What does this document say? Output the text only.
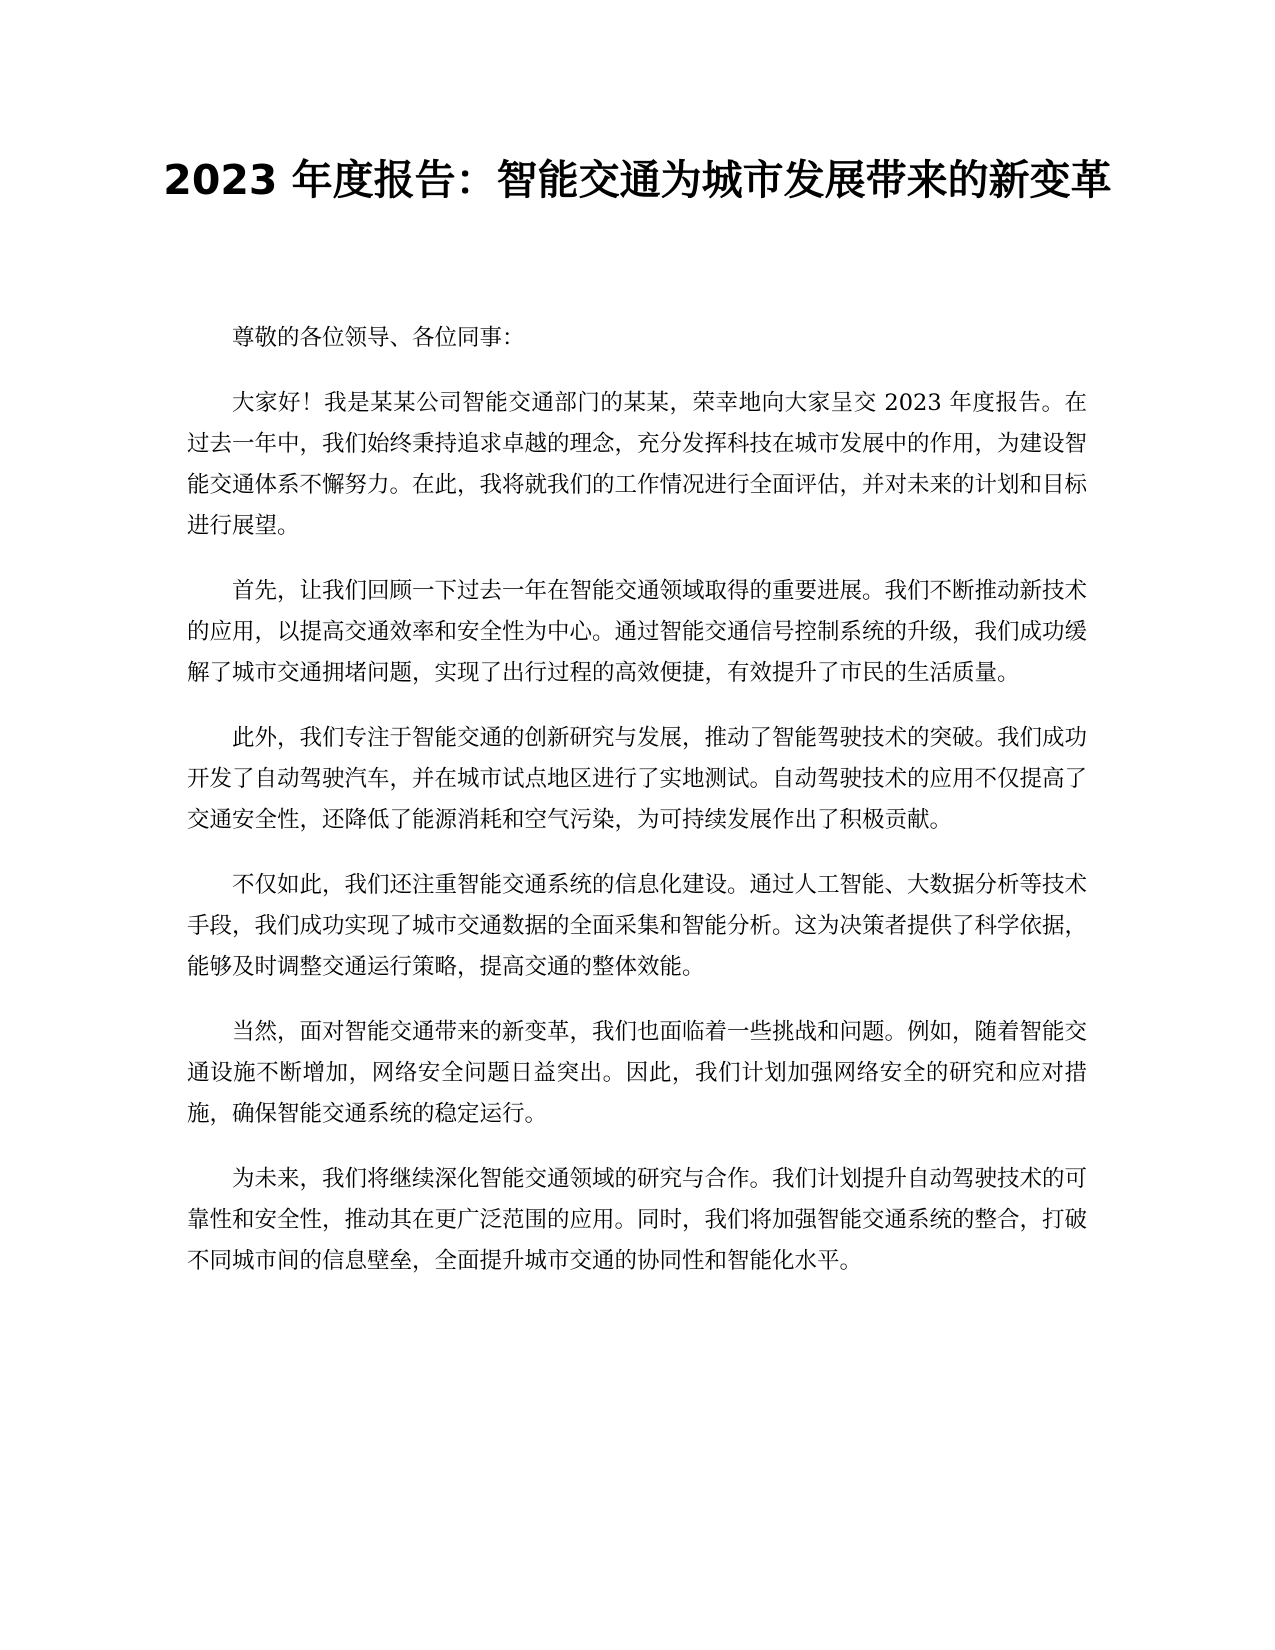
2023 年度报告：智能交通为城市发展带来的新变革

尊敬的各位领导、各位同事：

大家好！我是某某公司智能交通部门的某某，荣幸地向大家呈交 2023 年度报告。在过去一年中，我们始终秉持追求卓越的理念，充分发挥科技在城市发展中的作用，为建设智能交通体系不懈努力。在此，我将就我们的工作情况进行全面评估，并对未来的计划和目标进行展望。

首先，让我们回顾一下过去一年在智能交通领域取得的重要进展。我们不断推动新技术的应用，以提高交通效率和安全性为中心。通过智能交通信号控制系统的升级，我们成功缓解了城市交通拥堵问题，实现了出行过程的高效便捷，有效提升了市民的生活质量。

此外，我们专注于智能交通的创新研究与发展，推动了智能驾驶技术的突破。我们成功开发了自动驾驶汽车，并在城市试点地区进行了实地测试。自动驾驶技术的应用不仅提高了交通安全性，还降低了能源消耗和空气污染，为可持续发展作出了积极贡献。

不仅如此，我们还注重智能交通系统的信息化建设。通过人工智能、大数据分析等技术手段，我们成功实现了城市交通数据的全面采集和智能分析。这为决策者提供了科学依据，能够及时调整交通运行策略，提高交通的整体效能。

当然，面对智能交通带来的新变革，我们也面临着一些挑战和问题。例如，随着智能交通设施不断增加，网络安全问题日益突出。因此，我们计划加强网络安全的研究和应对措施，确保智能交通系统的稳定运行。

为未来，我们将继续深化智能交通领域的研究与合作。我们计划提升自动驾驶技术的可靠性和安全性，推动其在更广泛范围的应用。同时，我们将加强智能交通系统的整合，打破不同城市间的信息壁垒，全面提升城市交通的协同性和智能化水平。
